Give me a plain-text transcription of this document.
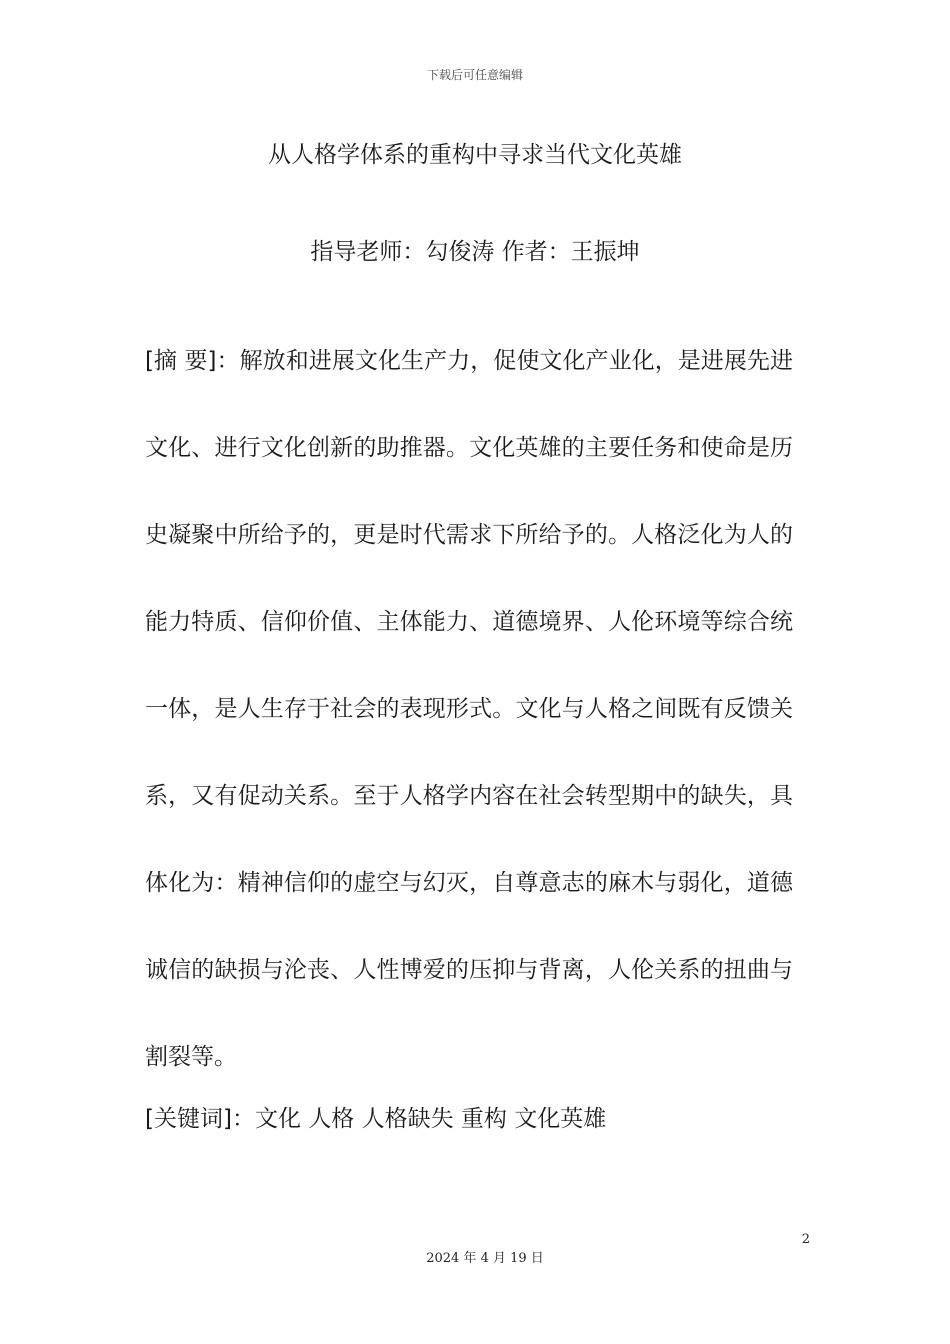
下载后可任意编辑
从人格学体系的重构中寻求当代文化英雄
指导老师：勾俊涛 作者：王振坤

[摘 要]：解放和进展文化生产力，促使文化产业化，是进展先进文化、进行文化创新的助推器。文化英雄的主要任务和使命是历史凝聚中所给予的，更是时代需求下所给予的。人格泛化为人的能力特质、信仰价值、主体能力、道德境界、人伦环境等综合统一体，是人生存于社会的表现形式。文化与人格之间既有反馈关系，又有促动关系。至于人格学内容在社会转型期中的缺失，具体化为：精神信仰的虚空与幻灭，自尊意志的麻木与弱化，道德诚信的缺损与沦丧、人性博爱的压抑与背离，人伦关系的扭曲与割裂等。

[关键词]：文化 人格 人格缺失 重构 文化英雄
2
2024 年 4 月 19 日
